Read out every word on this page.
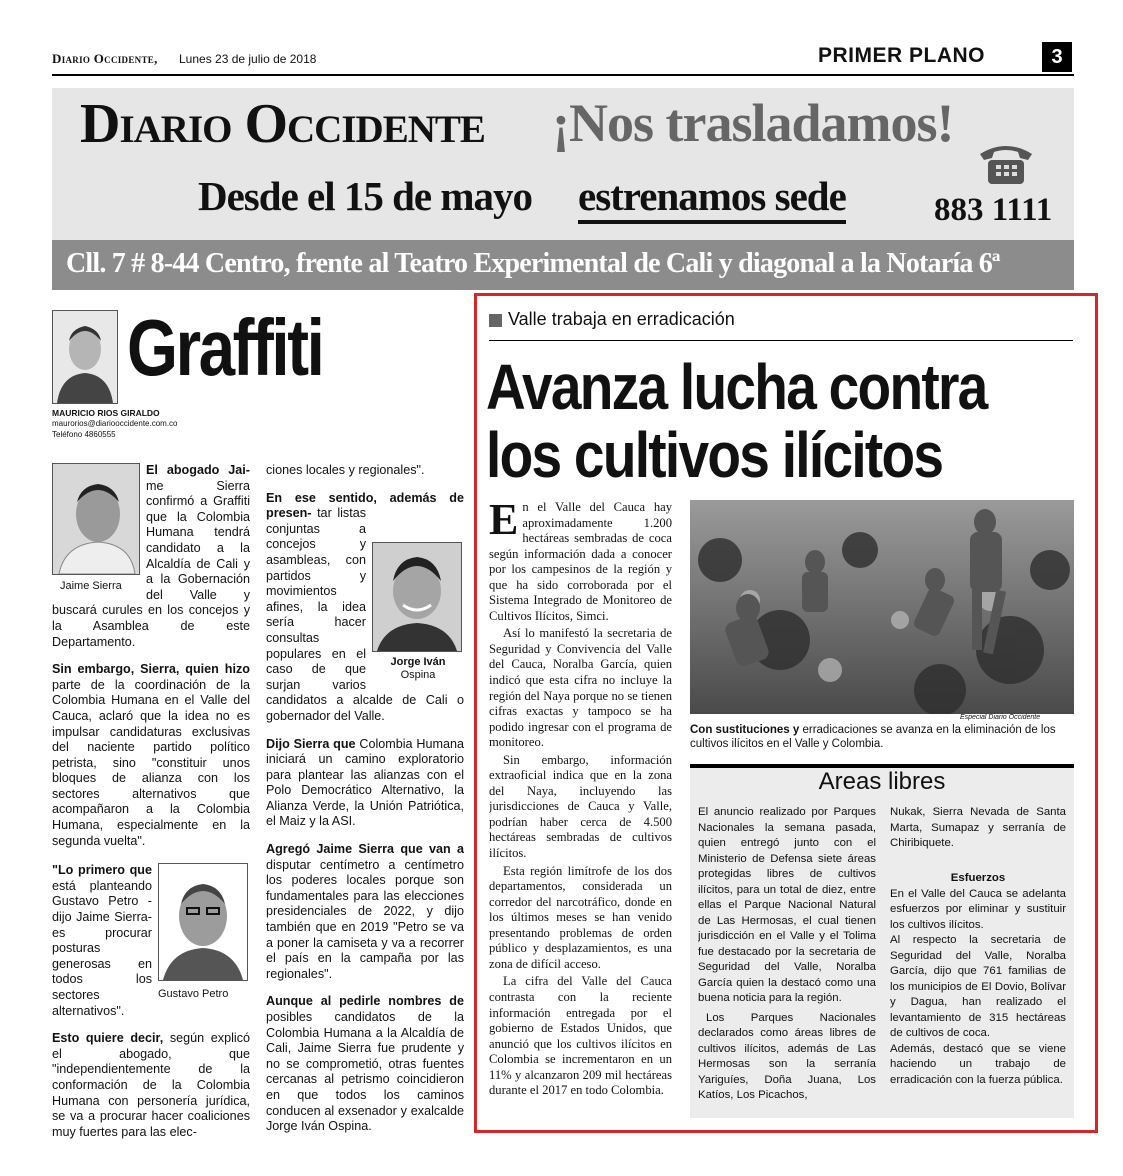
Diario Occidente, Lunes 23 de julio de 2018	PRIMER PLANO	3
Diario Occidente ¡Nos trasladamos!
Desde el 15 de mayo estrenamos sede	883 1111
Cll. 7 # 8-44 Centro, frente al Teatro Experimental de Cali y diagonal a la Notaría 6ª
Graffiti
MAURICIO RIOS GIRALDO
maurorios@diariooccidente.com.co
Teléfono 4860555
Jaime Sierra

El abogado Jai- me Sierra confirmó a Graffiti que la Colombia Humana tendrá candidato a la Alcaldía de Cali y a la Gobernación del Valle y buscará curules en los concejos y la Asamblea de este Departamento.

Sin embargo, Sierra, quien hizo parte de la coordinación de la Colombia Humana en el Valle del Cauca, aclaró que la idea no es impulsar candidaturas exclusivas del naciente partido político petrista, sino "constituir unos bloques de alianza con los sectores alternativos que acompañaron a la Colombia Humana, especialmente en la segunda vuelta".

Gustavo Petro

"Lo primero que está planteando Gustavo Petro -dijo Jaime Sierra- es procurar posturas generosas en todos los sectores alternativos".

Esto quiere decir, según explicó el abogado, que "independientemente de la conformación de la Colombia Humana con personería jurídica, se va a procurar hacer coaliciones muy fuertes para las elec-

ciones locales y regionales".

En ese sentido, además de presen-
Jorge Iván
Ospina
tar listas conjuntas a concejos y asambleas, con partidos y movimientos afines, la idea sería hacer consultas populares en el caso de que surjan varios candidatos a alcalde de Cali o gobernador del Valle.

Dijo Sierra que Colombia Humana iniciará un camino exploratorio para plantear las alianzas con el Polo Democrático Alternativo, la Alianza Verde, la Unión Patriótica, el Maiz y la ASI.

Agregó Jaime Sierra que van a disputar centímetro a centímetro los poderes locales porque son fundamentales para las elecciones presidenciales de 2022, y dijo también que en 2019 "Petro se va a poner la camiseta y va a recorrer el país en la campaña por las regionales".

Aunque al pedirle nombres de posibles candidatos de la Colombia Humana a la Alcaldía de Cali, Jaime Sierra fue prudente y no se comprometió, otras fuentes cercanas al petrismo coincidieron en que todos los caminos conducen al exsenador y exalcalde Jorge Iván Ospina.

Valle trabaja en erradicación
Avanza lucha contra
los cultivos ilícitos

En el Valle del Cauca hay aproximadamente 1.200 hectáreas sembradas de coca según información dada a conocer por los campesinos de la región y que ha sido corroborada por el Sistema Integrado de Monitoreo de Cultivos Ilícitos, Simci.

Así lo manifestó la secretaria de Seguridad y Convivencia del Valle del Cauca, Noralba García, quien indicó que esta cifra no incluye la región del Naya porque no se tienen cifras exactas y tampoco se ha podido ingresar con el programa de monitoreo.

Sin embargo, información extraoficial indica que en la zona del Naya, incluyendo las jurisdicciones de Cauca y Valle, podrían haber cerca de 4.500 hectáreas sembradas de cultivos ilícitos.

Esta región limítrofe de los dos departamentos, considerada un corredor del narcotráfico, donde en los últimos meses se han venido presentando problemas de orden público y desplazamientos, es una zona de difícil acceso.

La cifra del Valle del Cauca contrasta con la reciente información entregada por el gobierno de Estados Unidos, que anunció que los cultivos ilícitos en Colombia se incrementaron en un 11% y alcanzaron 209 mil hectáreas durante el 2017 en todo Colombia.

Especial Diario Occidente
Con sustituciones y erradicaciones se avanza en la eliminación de los cultivos ilícitos en el Valle y Colombia.
Areas libres

El anuncio realizado por Parques Nacionales la semana pasada, quien entregó junto con el Ministerio de Defensa siete áreas protegidas libres de cultivos ilícitos, para un total de diez, entre ellas el Parque Nacional Natural de Las Hermosas, el cual tienen jurisdicción en el Valle y el Tolima fue destacado por la secretaria de Seguridad del Valle, Noralba García quien la destacó como una buena noticia para la región.

Los Parques Nacionales declarados como áreas libres de cultivos ilícitos, además de Las Hermosas son la serranía Yariguíes, Doña Juana, Los Katíos, Los Picachos,

Nukak, Sierra Nevada de Santa Marta, Sumapaz y serranía de Chiribiquete.

Esfuerzos

En el Valle del Cauca se adelanta esfuerzos por eliminar y sustituir los cultivos ilícitos.

Al respecto la secretaria de Seguridad del Valle, Noralba García, dijo que 761 familias de los municipios de El Dovio, Bolívar y Dagua, han realizado el levantamiento de 315 hectáreas de cultivos de coca.

Además, destacó que se viene haciendo un trabajo de erradicación con la fuerza pública.
